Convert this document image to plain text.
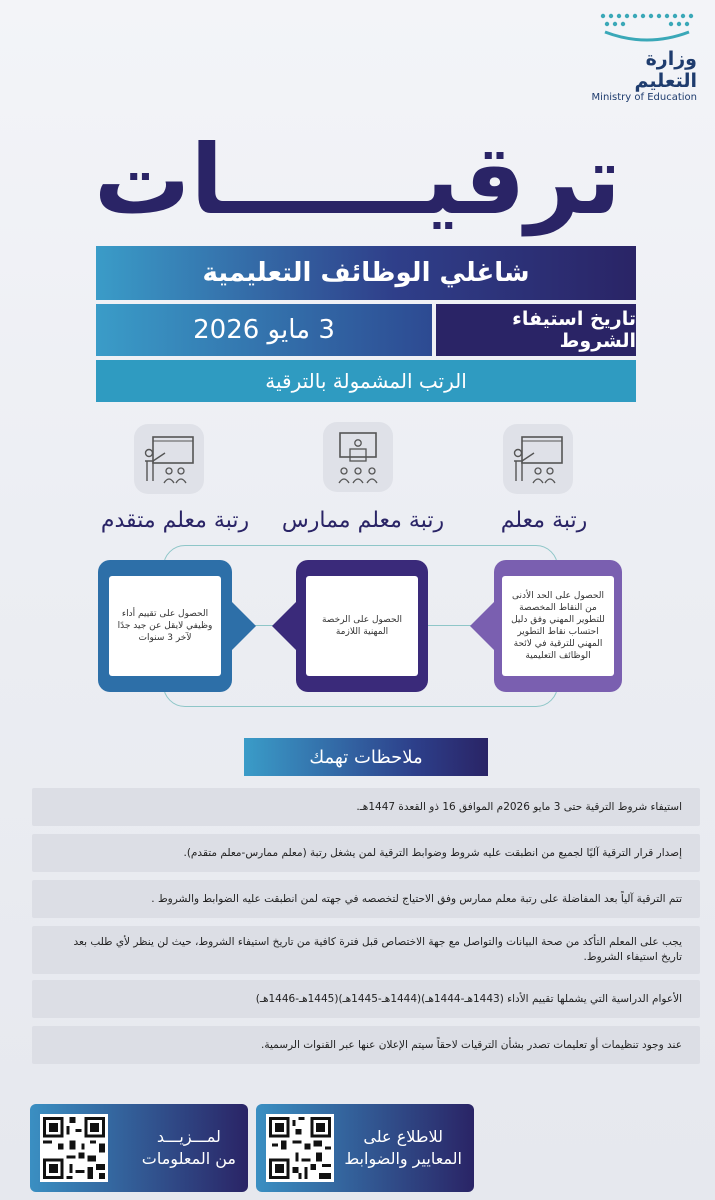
وزارة التعليم
Ministry of Education
ترقيــــــات
شاغلي الوظائف التعليمية
تاريخ استيفاء الشروط
3 مايو 2026
الرتب المشمولة بالترقية
رتبة معلم
رتبة معلم ممارس
رتبة معلم متقدم
الحصول على الحد الأدنى من النقاط المخصصة للتطوير المهني وفق دليل احتساب نقاط التطوير المهني للترقية في لائحة الوظائف التعليمية
الحصول على الرخصة المهنية اللازمة
الحصول على تقييم أداء وظيفي لايقل عن جيد جدًا لآخر 3 سنوات
ملاحظات تهمك
استيفاء شروط الترقية حتى 3 مايو 2026م الموافق 16 ذو القعدة 1447هـ.
إصدار قرار الترقية آليًا لجميع من انطبقت عليه شروط وضوابط الترقية لمن يشغل رتبة (معلم ممارس-معلم متقدم).
تتم الترقية آلياً بعد المفاضلة على رتبة معلم ممارس وفق الاحتياج لتخصصه في جهته لمن انطبقت عليه الضوابط والشروط .
يجب على المعلم التأكد من صحة البيانات والتواصل مع جهة الاختصاص قبل فترة كافية من تاريخ استيفاء الشروط، حيث لن ينظر لأي طلب بعد تاريخ استيفاء الشروط.
الأعوام الدراسية التي يشملها تقييم الأداء (1443هـ-1444هـ)(1444هـ-1445هـ)(1445هـ-1446هـ)
عند وجود تنظيمات أو تعليمات تصدر بشأن الترقيات لاحقاً سيتم الإعلان عنها عبر القنوات الرسمية.
للاطلاع على
المعايير والضوابط
لمـــزيـــد
من المعلومات
